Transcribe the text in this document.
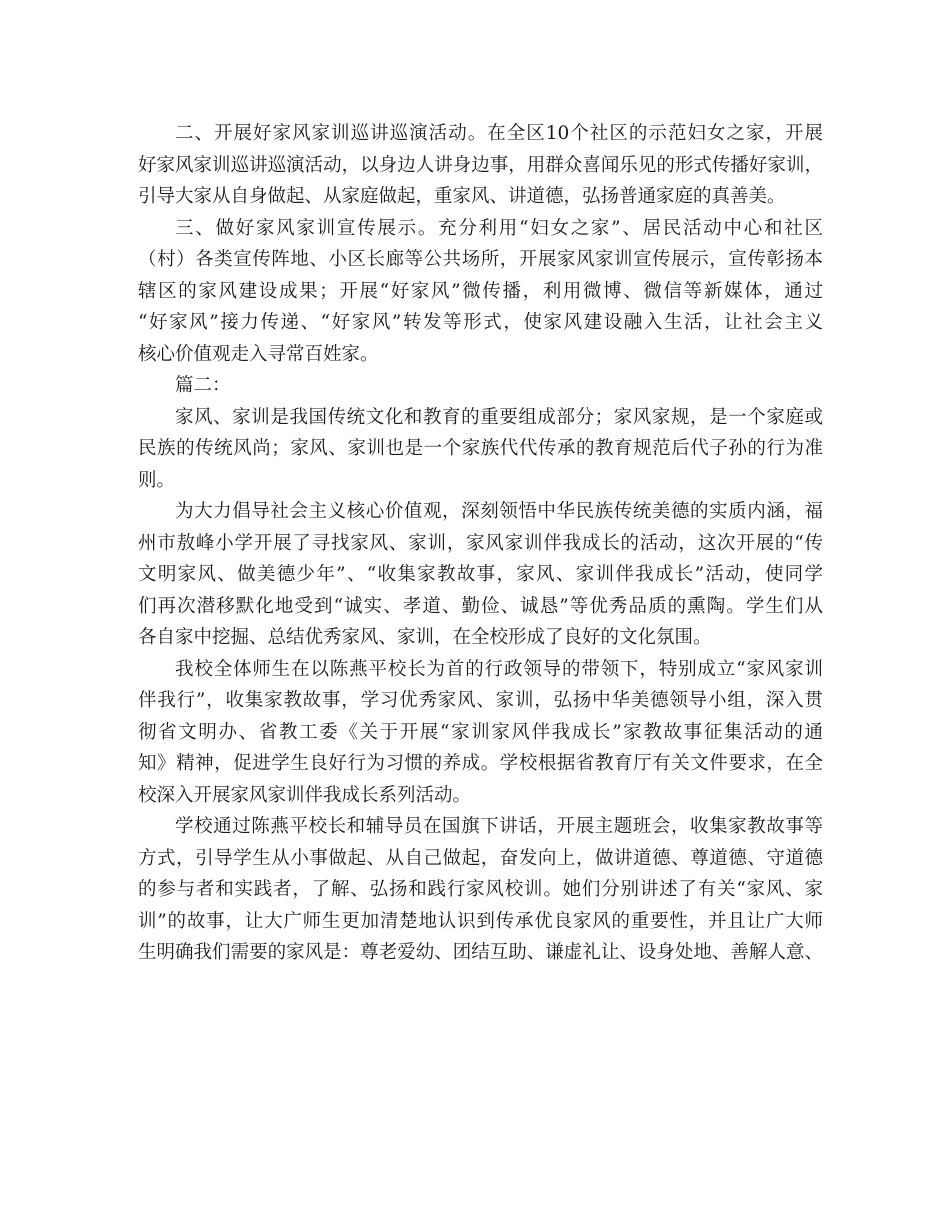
二、开展好家风家训巡讲巡演活动。在全区10个社区的示范妇女之家，开展
好家风家训巡讲巡演活动，以身边人讲身边事，用群众喜闻乐见的形式传播好家训，
引导大家从自身做起、从家庭做起，重家风、讲道德，弘扬普通家庭的真善美。
三、做好家风家训宣传展示。充分利用“妇女之家”、居民活动中心和社区
（村）各类宣传阵地、小区长廊等公共场所，开展家风家训宣传展示，宣传彰扬本
辖区的家风建设成果；开展“好家风”微传播，利用微博、微信等新媒体，通过
“好家风”接力传递、“好家风”转发等形式，使家风建设融入生活，让社会主义
核心价值观走入寻常百姓家。
篇二：
家风、家训是我国传统文化和教育的重要组成部分；家风家规，是一个家庭或
民族的传统风尚；家风、家训也是一个家族代代传承的教育规范后代子孙的行为准
则。
为大力倡导社会主义核心价值观，深刻领悟中华民族传统美德的实质内涵，福
州市敖峰小学开展了寻找家风、家训，家风家训伴我成长的活动，这次开展的“传
文明家风、做美德少年”、“收集家教故事，家风、家训伴我成长”活动，使同学
们再次潜移默化地受到“诚实、孝道、勤俭、诚恳”等优秀品质的熏陶。学生们从
各自家中挖掘、总结优秀家风、家训，在全校形成了良好的文化氛围。
我校全体师生在以陈燕平校长为首的行政领导的带领下，特别成立“家风家训
伴我行”，收集家教故事，学习优秀家风、家训，弘扬中华美德领导小组，深入贯
彻省文明办、省教工委《关于开展“家训家风伴我成长”家教故事征集活动的通
知》精神，促进学生良好行为习惯的养成。学校根据省教育厅有关文件要求，在全
校深入开展家风家训伴我成长系列活动。
学校通过陈燕平校长和辅导员在国旗下讲话，开展主题班会，收集家教故事等
方式，引导学生从小事做起、从自己做起，奋发向上，做讲道德、尊道德、守道德
的参与者和实践者，了解、弘扬和践行家风校训。她们分别讲述了有关“家风、家
训”的故事，让大广师生更加清楚地认识到传承优良家风的重要性，并且让广大师
生明确我们需要的家风是：尊老爱幼、团结互助、谦虚礼让、设身处地、善解人意、
